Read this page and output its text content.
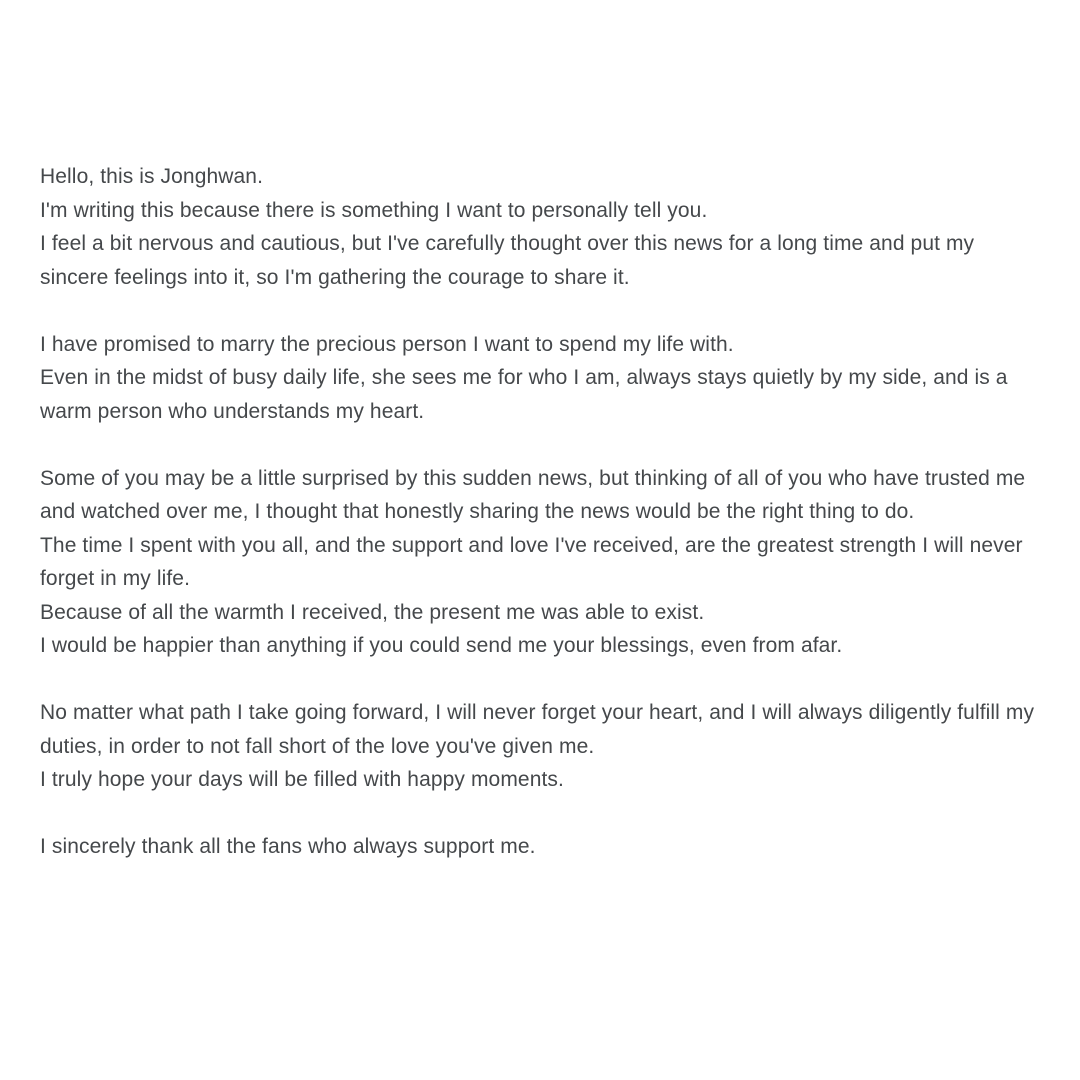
Hello, this is Jonghwan.
I'm writing this because there is something I want to personally tell you.
I feel a bit nervous and cautious, but I've carefully thought over this news for a long time and put my sincere feelings into it, so I'm gathering the courage to share it.

I have promised to marry the precious person I want to spend my life with.
Even in the midst of busy daily life, she sees me for who I am, always stays quietly by my side, and is a warm person who understands my heart.

Some of you may be a little surprised by this sudden news, but thinking of all of you who have trusted me and watched over me, I thought that honestly sharing the news would be the right thing to do.
The time I spent with you all, and the support and love I've received, are the greatest strength I will never forget in my life.
Because of all the warmth I received, the present me was able to exist.
I would be happier than anything if you could send me your blessings, even from afar.

No matter what path I take going forward, I will never forget your heart, and I will always diligently fulfill my duties, in order to not fall short of the love you've given me.
I truly hope your days will be filled with happy moments.

I sincerely thank all the fans who always support me.
